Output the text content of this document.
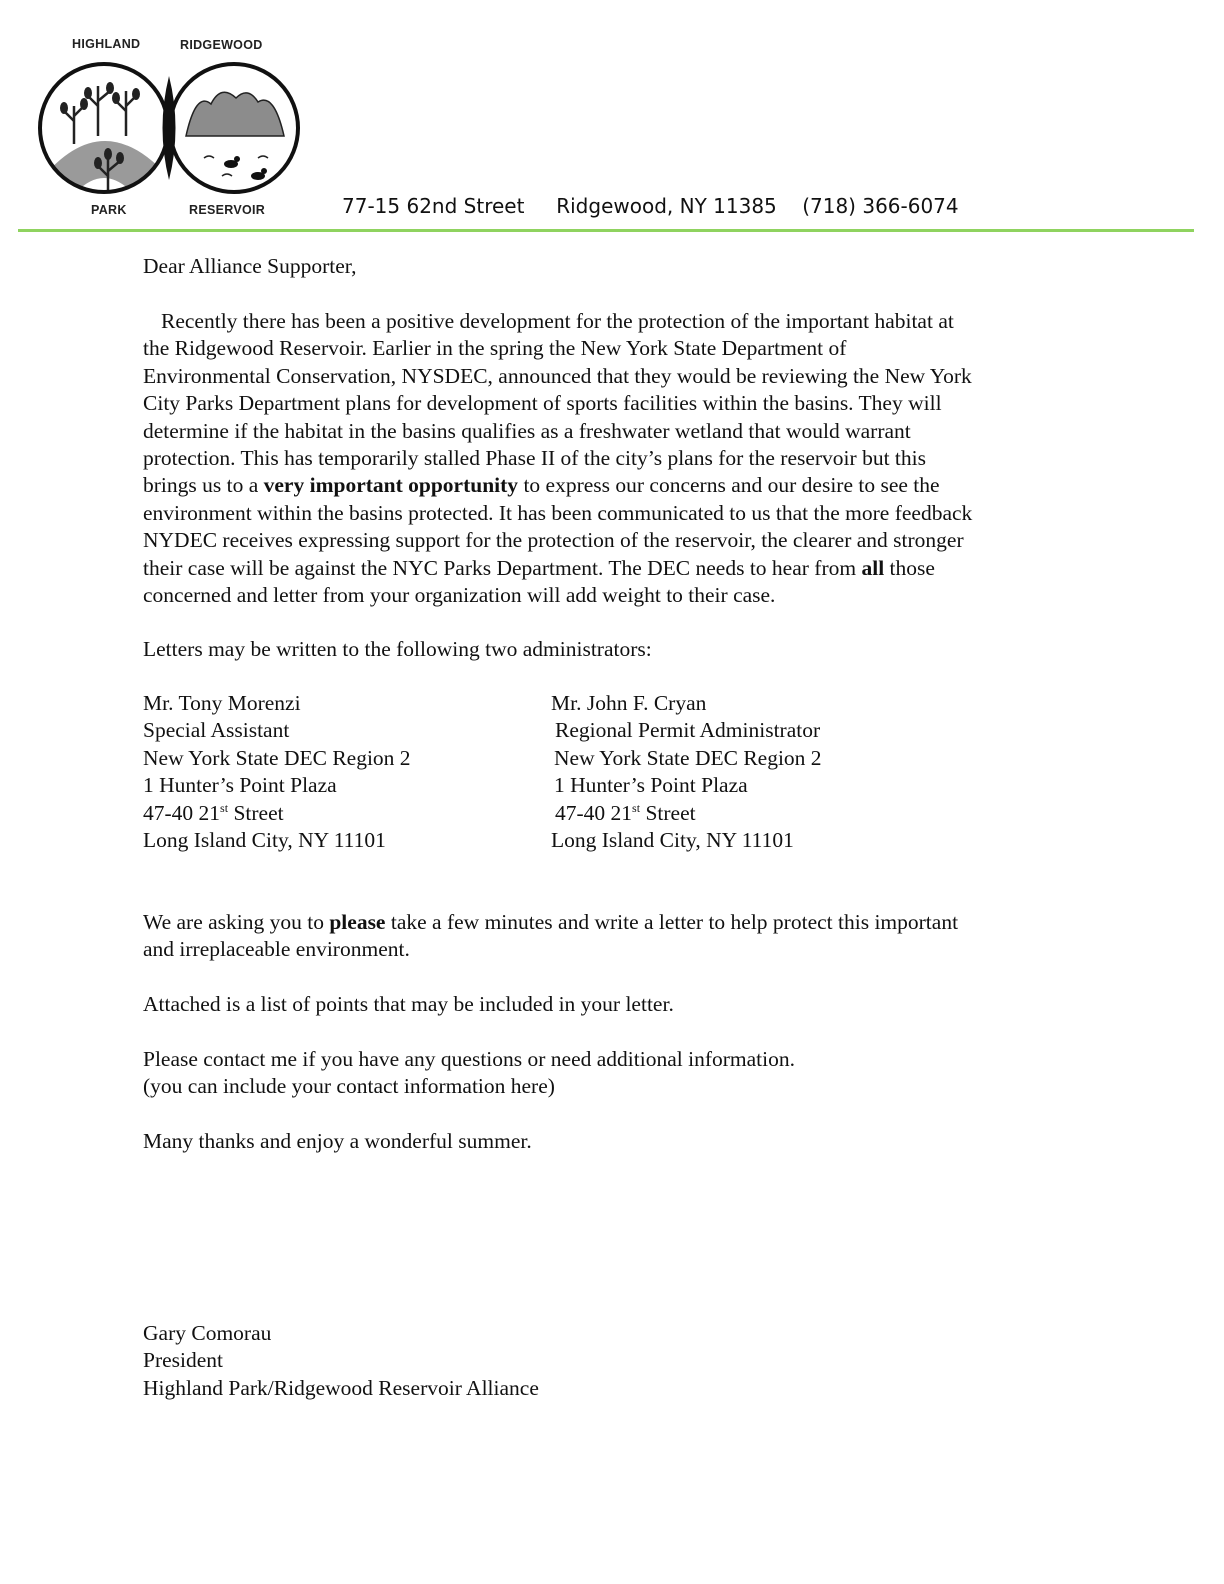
HIGHLAND	RIDGEWOOD
PARK	RESERVOIR	77-15 62nd Street Ridgewood, NY 11385 (718) 366-6074
Dear Alliance Supporter,
Recently there has been a positive development for the protection of the important habitat at
the Ridgewood Reservoir. Earlier in the spring the New York State Department of
Environmental Conservation, NYSDEC, announced that they would be reviewing the New York
City Parks Department plans for development of sports facilities within the basins. They will
determine if the habitat in the basins qualifies as a freshwater wetland that would warrant
protection. This has temporarily stalled Phase II of the city’s plans for the reservoir but this
brings us to a very important opportunity to express our concerns and our desire to see the
environment within the basins protected. It has been communicated to us that the more feedback
NYDEC receives expressing support for the protection of the reservoir, the clearer and stronger
their case will be against the NYC Parks Department. The DEC needs to hear from all those
concerned and letter from your organization will add weight to their case.
Letters may be written to the following two administrators:
Mr. Tony Morenzi
Special Assistant
New York State DEC Region 2
1 Hunter’s Point Plaza
47-40 21st Street
Long Island City, NY 11101
Mr. John F. Cryan
Regional Permit Administrator
New York State DEC Region 2
1 Hunter’s Point Plaza
47-40 21st Street
Long Island City, NY 11101
We are asking you to please take a few minutes and write a letter to help protect this important
and irreplaceable environment.
Attached is a list of points that may be included in your letter.
Please contact me if you have any questions or need additional information.
(you can include your contact information here)
Many thanks and enjoy a wonderful summer.
Gary Comorau
President
Highland Park/Ridgewood Reservoir Alliance
